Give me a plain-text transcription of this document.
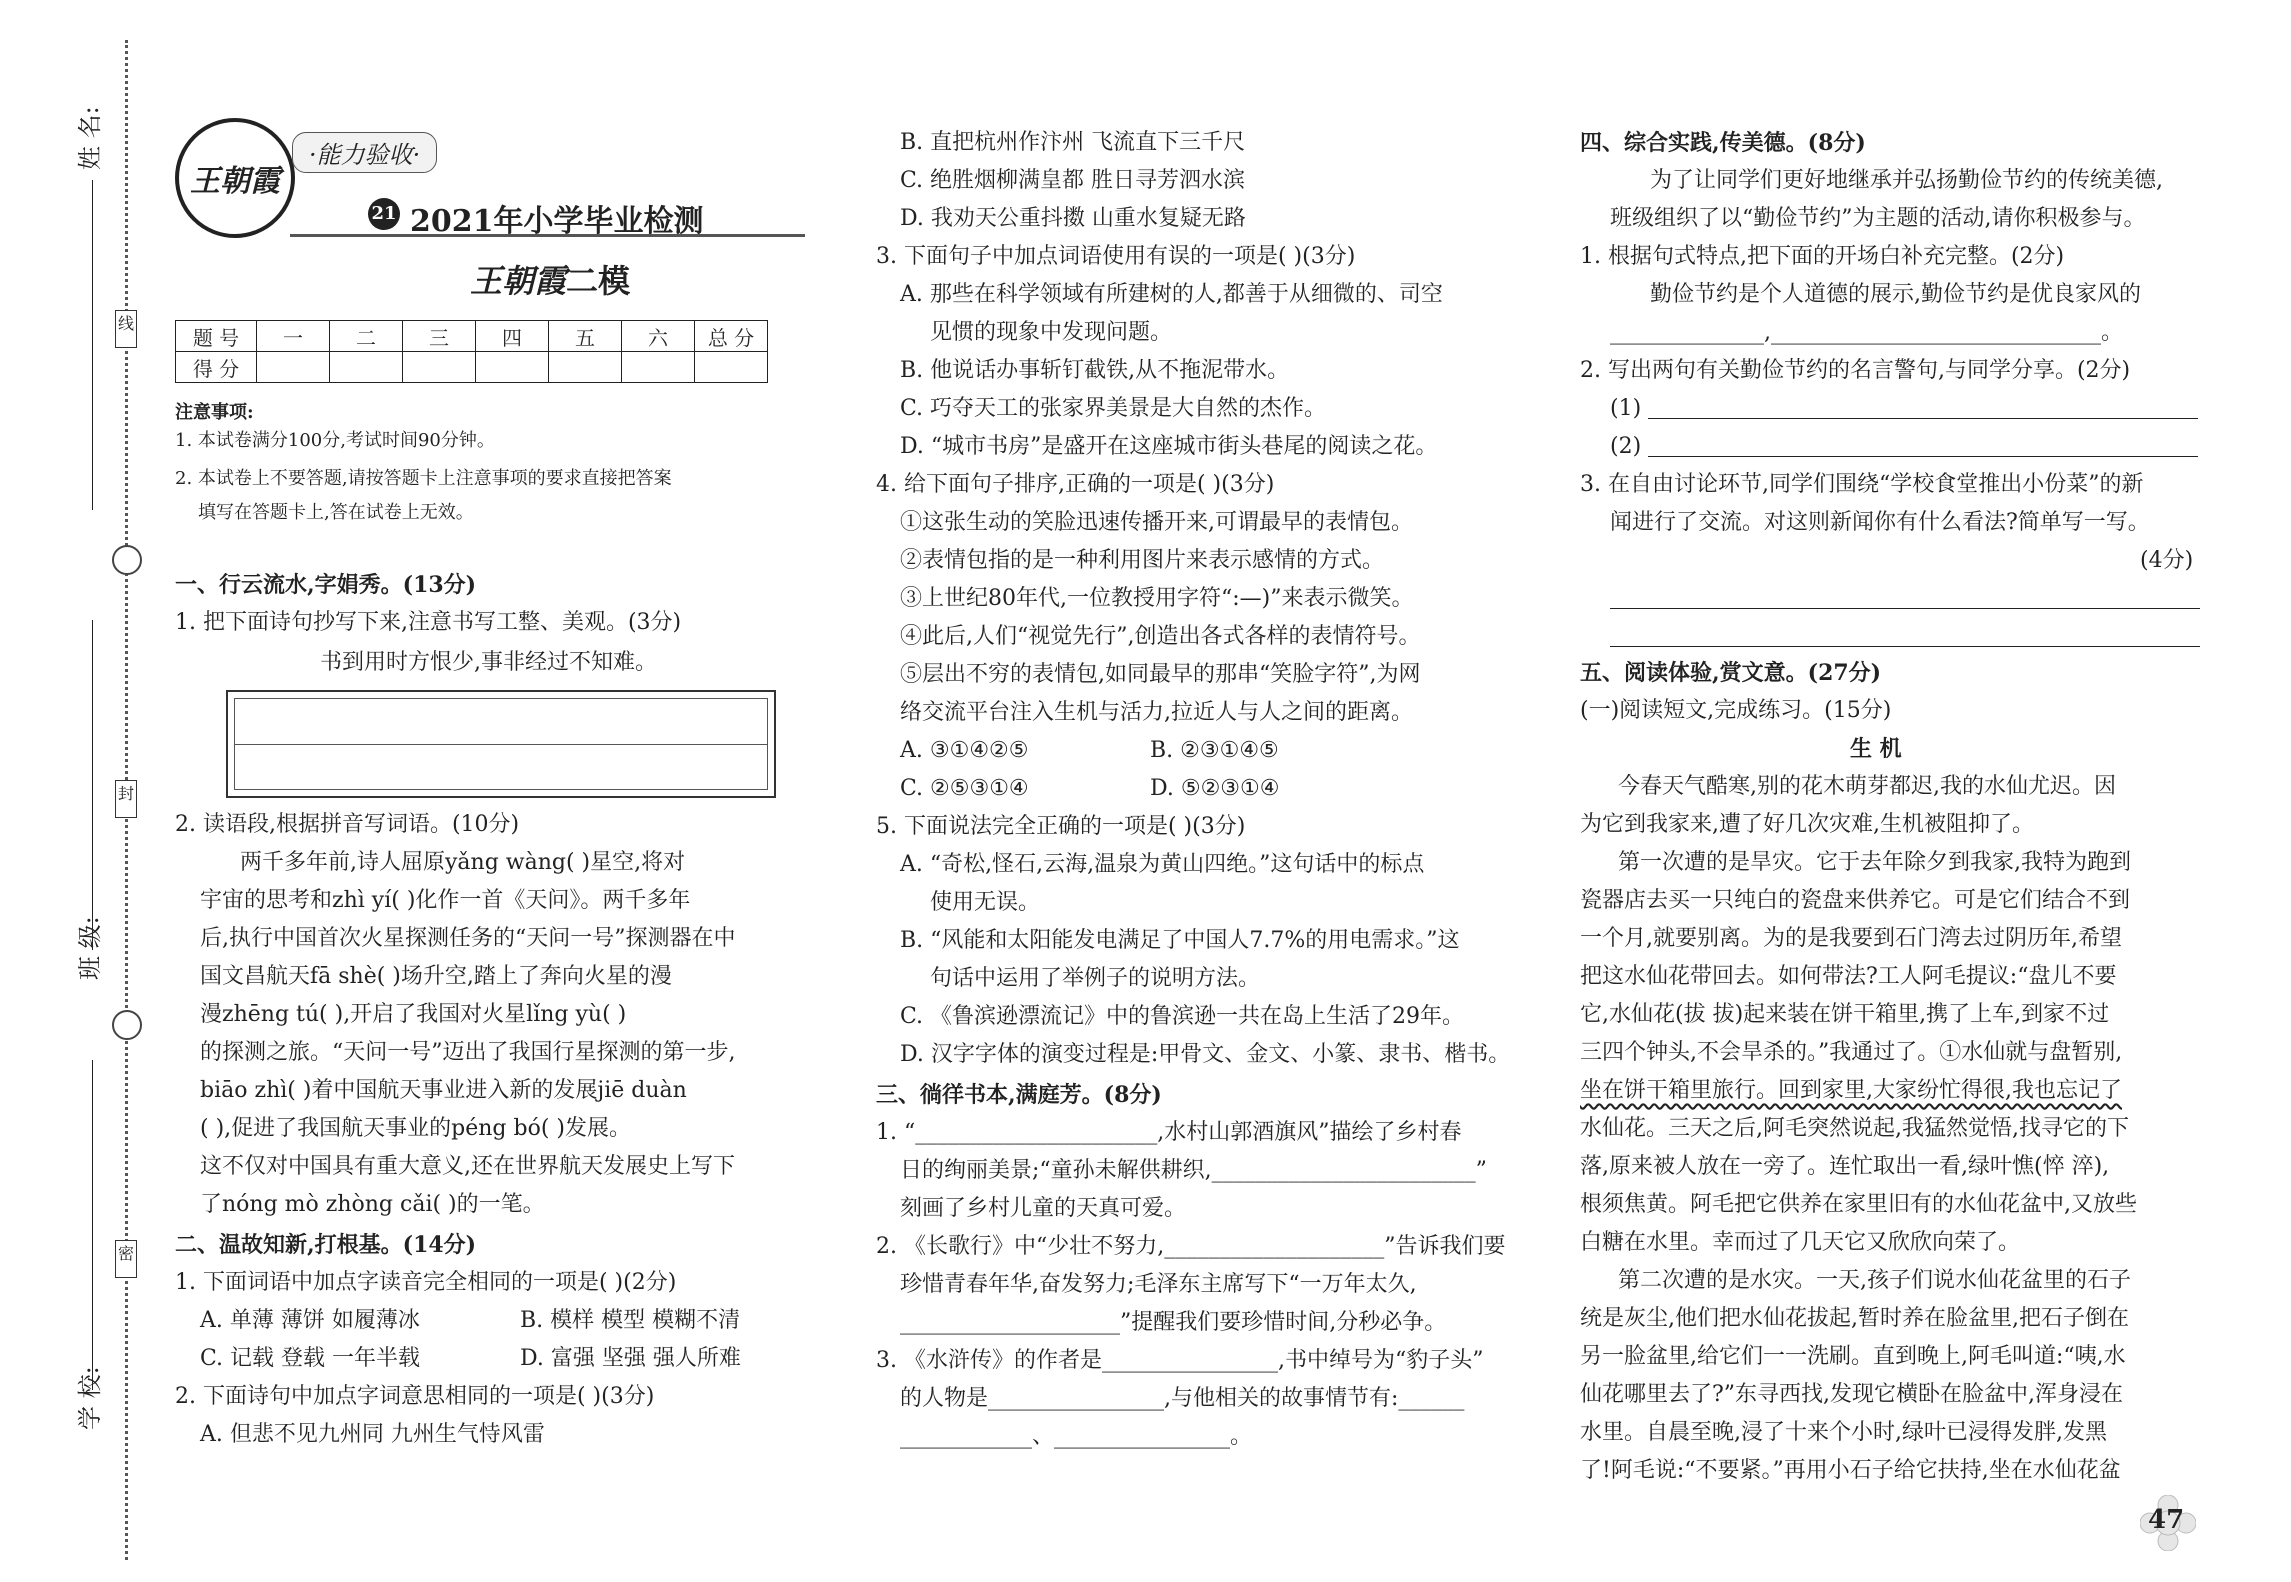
线
封
密
姓 名:
班 级:
学 校:
王朝霞
·能力验收·
21 2021年小学毕业检测
王朝霞二模
题 号	一	二	三	四	五	六	总 分
得 分							
注意事项:
1. 本试卷满分100分,考试时间90分钟。
2. 本试卷上不要答题,请按答题卡上注意事项的要求直接把答案
填写在答题卡上,答在试卷上无效。
一、行云流水,字娟秀。(13分)
1. 把下面诗句抄写下来,注意书写工整、美观。(3分)
书到用时方恨少,事非经过不知难。
2. 读语段,根据拼音写词语。(10分)
两千多年前,诗人屈原yǎng wàng( )星空,将对
宇宙的思考和zhì yí( )化作一首《天问》。两千多年
后,执行中国首次火星探测任务的“天问一号”探测器在中
国文昌航天fā shè( )场升空,踏上了奔向火星的漫
漫zhēng tú( ),开启了我国对火星lǐng yù( )
的探测之旅。“天问一号”迈出了我国行星探测的第一步,
biāo zhì( )着中国航天事业进入新的发展jiē duàn
( ),促进了我国航天事业的péng bó( )发展。
这不仅对中国具有重大意义,还在世界航天发展史上写下
了nóng mò zhòng cǎi( )的一笔。
二、温故知新,打根基。(14分)
1. 下面词语中加点字读音完全相同的一项是( )(2分)
A. 单薄 薄饼 如履薄冰	B. 模样 模型 模糊不清
C. 记载 登载 一年半载	D. 富强 坚强 强人所难
2. 下面诗句中加点字词意思相同的一项是( )(3分)
A. 但悲不见九州同 九州生气恃风雷
B. 直把杭州作汴州 飞流直下三千尺
C. 绝胜烟柳满皇都 胜日寻芳泗水滨
D. 我劝天公重抖擞 山重水复疑无路
3. 下面句子中加点词语使用有误的一项是( )(3分)
A. 那些在科学领域有所建树的人,都善于从细微的、司空
见惯的现象中发现问题。
B. 他说话办事斩钉截铁,从不拖泥带水。
C. 巧夺天工的张家界美景是大自然的杰作。
D. “城市书房”是盛开在这座城市街头巷尾的阅读之花。
4. 给下面句子排序,正确的一项是( )(3分)
①这张生动的笑脸迅速传播开来,可谓最早的表情包。
②表情包指的是一种利用图片来表示感情的方式。
③上世纪80年代,一位教授用字符“:—)”来表示微笑。
④此后,人们“视觉先行”,创造出各式各样的表情符号。
⑤层出不穷的表情包,如同最早的那串“笑脸字符”,为网
络交流平台注入生机与活力,拉近人与人之间的距离。
A. ③①④②⑤	B. ②③①④⑤
C. ②⑤③①④	D. ⑤②③①④
5. 下面说法完全正确的一项是( )(3分)
A. “奇松,怪石,云海,温泉为黄山四绝。”这句话中的标点
使用无误。
B. “风能和太阳能发电满足了中国人7.7%的用电需求。”这
句话中运用了举例子的说明方法。
C. 《鲁滨逊漂流记》中的鲁滨逊一共在岛上生活了29年。
D. 汉字字体的演变过程是:甲骨文、金文、小篆、隶书、楷书。
三、徜徉书本,满庭芳。(8分)
1. “______________________,水村山郭酒旗风”描绘了乡村春
日的绚丽美景;“童孙未解供耕织,________________________”
刻画了乡村儿童的天真可爱。
2. 《长歌行》中“少壮不努力,____________________”告诉我们要
珍惜青春年华,奋发努力;毛泽东主席写下“一万年太久,
____________________”提醒我们要珍惜时间,分秒必争。
3. 《水浒传》的作者是________________,书中绰号为“豹子头”
的人物是________________,与他相关的故事情节有:______
____________、________________。
四、综合实践,传美德。(8分)
为了让同学们更好地继承并弘扬勤俭节约的传统美德,
班级组织了以“勤俭节约”为主题的活动,请你积极参与。
1. 根据句式特点,把下面的开场白补充完整。(2分)
勤俭节约是个人道德的展示,勤俭节约是优良家风的
______________,______________________________。
2. 写出两句有关勤俭节约的名言警句,与同学分享。(2分)
(1)
(2)
3. 在自由讨论环节,同学们围绕“学校食堂推出小份菜”的新
闻进行了交流。对这则新闻你有什么看法?简单写一写。
(4分)
五、阅读体验,赏文意。(27分)
(一)阅读短文,完成练习。(15分)
生 机
今春天气酷寒,别的花木萌芽都迟,我的水仙尤迟。因
为它到我家来,遭了好几次灾难,生机被阻抑了。
第一次遭的是旱灾。它于去年除夕到我家,我特为跑到
瓷器店去买一只纯白的瓷盘来供养它。可是它们结合不到
一个月,就要别离。为的是我要到石门湾去过阴历年,希望
把这水仙花带回去。如何带法?工人阿毛提议:“盘儿不要
它,水仙花(拔 拔)起来装在饼干箱里,携了上车,到家不过
三四个钟头,不会旱杀的。”我通过了。①水仙就与盘暂别,
坐在饼干箱里旅行。回到家里,大家纷忙得很,我也忘记了
水仙花。三天之后,阿毛突然说起,我猛然觉悟,找寻它的下
落,原来被人放在一旁了。连忙取出一看,绿叶憔(悴 淬),
根须焦黄。阿毛把它供养在家里旧有的水仙花盆中,又放些
白糖在水里。幸而过了几天它又欣欣向荣了。
第二次遭的是水灾。一天,孩子们说水仙花盆里的石子
统是灰尘,他们把水仙花拔起,暂时养在脸盆里,把石子倒在
另一脸盆里,给它们一一洗刷。直到晚上,阿毛叫道:“咦,水
仙花哪里去了?”东寻西找,发现它横卧在脸盆中,浑身浸在
水里。自晨至晚,浸了十来个小时,绿叶已浸得发胖,发黑
了!阿毛说:“不要紧。”再用小石子给它扶持,坐在水仙花盆
47
